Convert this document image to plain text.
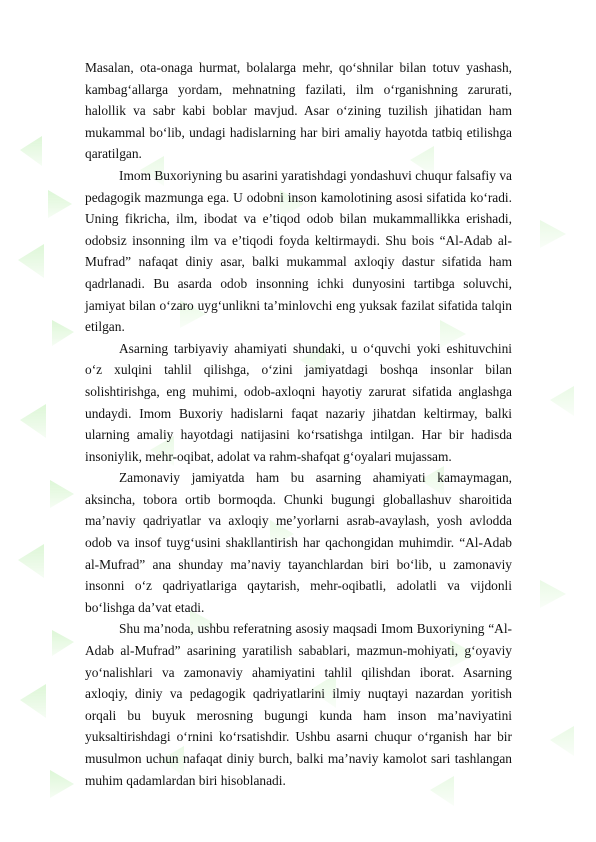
Masalan, ota-onaga hurmat, bolalarga mehr, qo‘shnilar bilan totuv yashash, kambag‘allarga yordam, mehnatning fazilati, ilm o‘rganishning zarurati, halollik va sabr kabi boblar mavjud. Asar o‘zining tuzilish jihatidan ham mukammal bo‘lib, undagi hadislarning har biri amaliy hayotda tatbiq etilishga qaratilgan.

Imom Buxoriyning bu asarini yaratishdagi yondashuvi chuqur falsafiy va pedagogik mazmunga ega. U odobni inson kamolotining asosi sifatida ko‘radi. Uning fikricha, ilm, ibodat va e’tiqod odob bilan mukammallikka erishadi, odobsiz insonning ilm va e’tiqodi foyda keltirmaydi. Shu bois “Al-Adab al-Mufrad” nafaqat diniy asar, balki mukammal axloqiy dastur sifatida ham qadrlanadi. Bu asarda odob insonning ichki dunyosini tartibga soluvchi, jamiyat bilan o‘zaro uyg‘unlikni ta’minlovchi eng yuksak fazilat sifatida talqin etilgan.

Asarning tarbiyaviy ahamiyati shundaki, u o‘quvchi yoki eshituvchini o‘z xulqini tahlil qilishga, o‘zini jamiyatdagi boshqa insonlar bilan solishtirishga, eng muhimi, odob-axloqni hayotiy zarurat sifatida anglashga undaydi. Imom Buxoriy hadislarni faqat nazariy jihatdan keltirmay, balki ularning amaliy hayotdagi natijasini ko‘rsatishga intilgan. Har bir hadisda insoniylik, mehr-oqibat, adolat va rahm-shafqat g‘oyalari mujassam.

Zamonaviy jamiyatda ham bu asarning ahamiyati kamaymagan, aksincha, tobora ortib bormoqda. Chunki bugungi globallashuv sharoitida ma’naviy qadriyatlar va axloqiy me’yorlarni asrab-avaylash, yosh avlodda odob va insof tuyg‘usini shakllantirish har qachongidan muhimdir. “Al-Adab al-Mufrad” ana shunday ma’naviy tayanchlardan biri bo‘lib, u zamonaviy insonni o‘z qadriyatlariga qaytarish, mehr-oqibatli, adolatli va vijdonli bo‘lishga da’vat etadi.

Shu ma’noda, ushbu referatning asosiy maqsadi Imom Buxoriyning “Al-Adab al-Mufrad” asarining yaratilish sabablari, mazmun-mohiyati, g‘oyaviy yo‘nalishlari va zamonaviy ahamiyatini tahlil qilishdan iborat. Asarning axloqiy, diniy va pedagogik qadriyatlarini ilmiy nuqtayi nazardan yoritish orqali bu buyuk merosning bugungi kunda ham inson ma’naviyatini yuksaltirishdagi o‘rnini ko‘rsatishdir. Ushbu asarni chuqur o‘rganish har bir musulmon uchun nafaqat diniy burch, balki ma’naviy kamolot sari tashlangan muhim qadamlardan biri hisoblanadi.
